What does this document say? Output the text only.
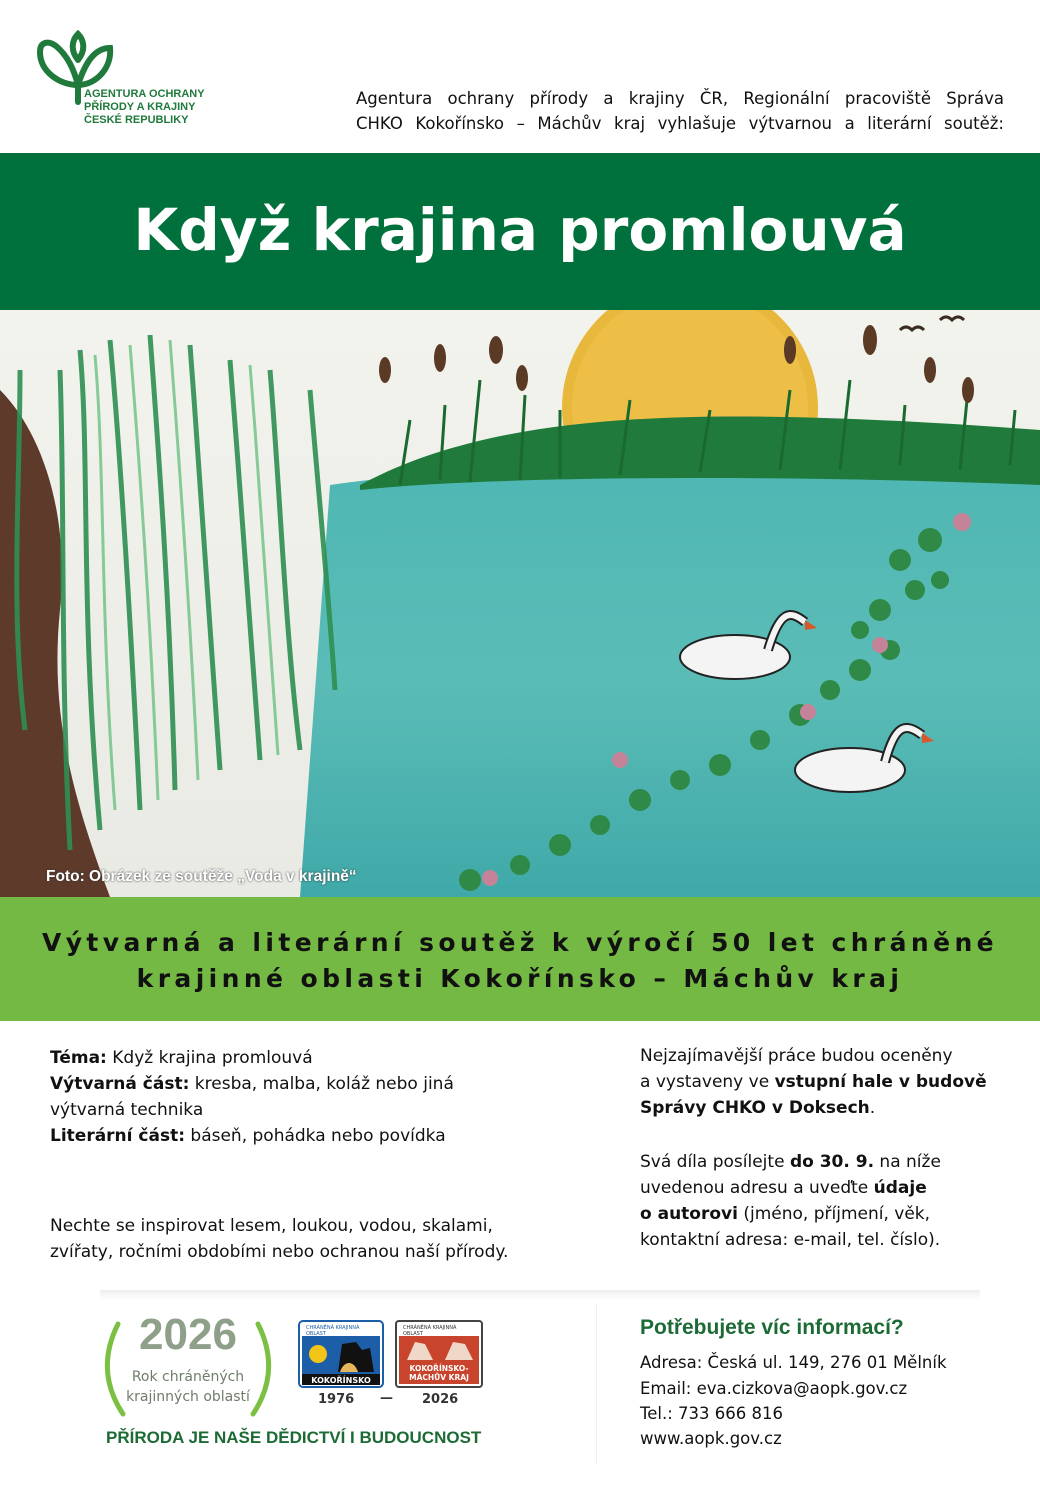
AGENTURA OCHRANY
PŘÍRODY A KRAJINY
ČESKÉ REPUBLIKY
Agentura ochrany přírody a krajiny ČR, Regionální pracoviště Správa
CHKO Kokořínsko – Máchův kraj vyhlašuje výtvarnou a literární soutěž:
Když krajina promlouvá
Foto: Obrázek ze soutěže „Voda v krajině“
Výtvarná a literární soutěž k výročí 50 let chráněné
krajinné oblasti Kokořínsko – Máchův kraj
Téma: Když krajina promlouvá
Výtvarná část: kresba, malba, koláž nebo jiná
výtvarná technika
Literární část: báseň, pohádka nebo povídka
Nechte se inspirovat lesem, loukou, vodou, skalami,
zvířaty, ročními obdobími nebo ochranou naší přírody.
Nejzajímavější práce budou oceněny
a vystaveny ve vstupní hale v budově
Správy CHKO v Doksech.
Svá díla posílejte do 30. 9. na níže
uvedenou adresu a uveďte údaje
o autorovi (jméno, příjmení, věk,
kontaktní adresa: e-mail, tel. číslo).
2026
Rok chráněných
krajinných oblastí
CHRÁNĚNÁ KRAJINNÁ
OBLAST
KOKOŘÍNSKO
CHRÁNĚNÁ KRAJINNÁ
OBLAST
KOKOŘÍNSKO-
MÁCHŮV KRAJ
1976 — 2026
PŘÍRODA JE NAŠE DĚDICTVÍ I BUDOUCNOST
Potřebujete víc informací?
Adresa: Česká ul. 149, 276 01 Mělník
Email: eva.cizkova@aopk.gov.cz
Tel.: 733 666 816
www.aopk.gov.cz
